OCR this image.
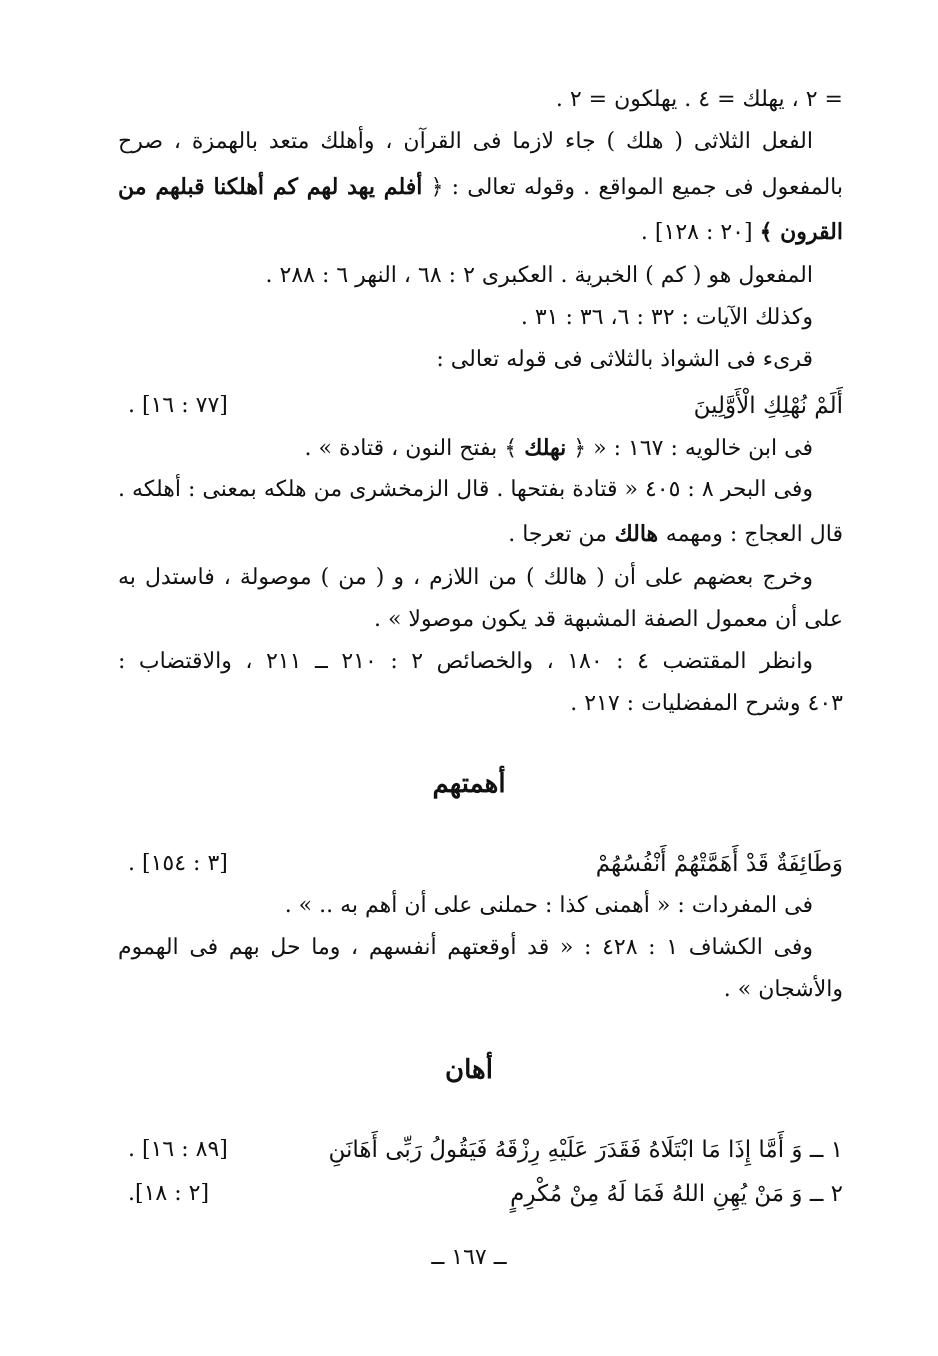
= ٢ ، يهلك = ٤ . يهلكون = ٢ .
الفعل الثلاثى ( هلك ) جاء لازما فى القرآن ، وأهلك متعد بالهمزة ، صرح
بالمفعول فى جميع المواقع . وقوله تعالى : ﴿ أفلم يهد لهم كم أهلكنا قبلهم من
القرون ﴾ [٢٠ : ١٢٨] .
المفعول هو ( كم ) الخبرية . العكبرى ٢ : ٦٨ ، النهر ٦ : ٢٨٨ .
وكذلك الآيات : ٣٢ : ٦، ٣٦ : ٣١ .
قرىء فى الشواذ بالثلاثى فى قوله تعالى :
أَلَمْ نُهْلِكِ الْأَوَّلِينَ
[٧٧ : ١٦] .
فى ابن خالويه : ١٦٧ : « ﴿ نهلك ﴾ بفتح النون ، قتادة » .
وفى البحر ٨ : ٤٠٥ « قتادة بفتحها . قال الزمخشرى من هلكه بمعنى : أهلكه .
قال العجاج : ومهمه هالك من تعرجا .
وخرج بعضهم على أن ( هالك ) من اللازم ، و ( من ) موصولة ، فاستدل به
على أن معمول الصفة المشبهة قد يكون موصولا » .
وانظر المقتضب ٤ : ١٨٠ ، والخصائص ٢ : ٢١٠ ــ ٢١١ ، والاقتضاب :
٤٠٣ وشرح المفضليات : ٢١٧ .
أهمتهم
وَطَائِفَةٌ قَدْ أَهَمَّتْهُمْ أَنْفُسُهُمْ
[٣ : ١٥٤] .
فى المفردات : « أهمنى كذا : حملنى على أن أهم به .. » .
وفى الكشاف ١ : ٤٢٨ : « قد أوقعتهم أنفسهم ، وما حل بهم فى الهموم
والأشجان » .
أهان
١ ــ وَ أَمَّا إِذَا مَا ابْتَلَاهُ فَقَدَرَ عَلَيْهِ رِزْقَهُ فَيَقُولُ رَبِّى أَهَانَنِ
[٨٩ : ١٦] .
٢ ــ وَ مَنْ يُهِنِ اللهُ فَمَا لَهُ مِنْ مُكْرِمٍ
[٢ : ١٨].
ــ ١٦٧ ــ
